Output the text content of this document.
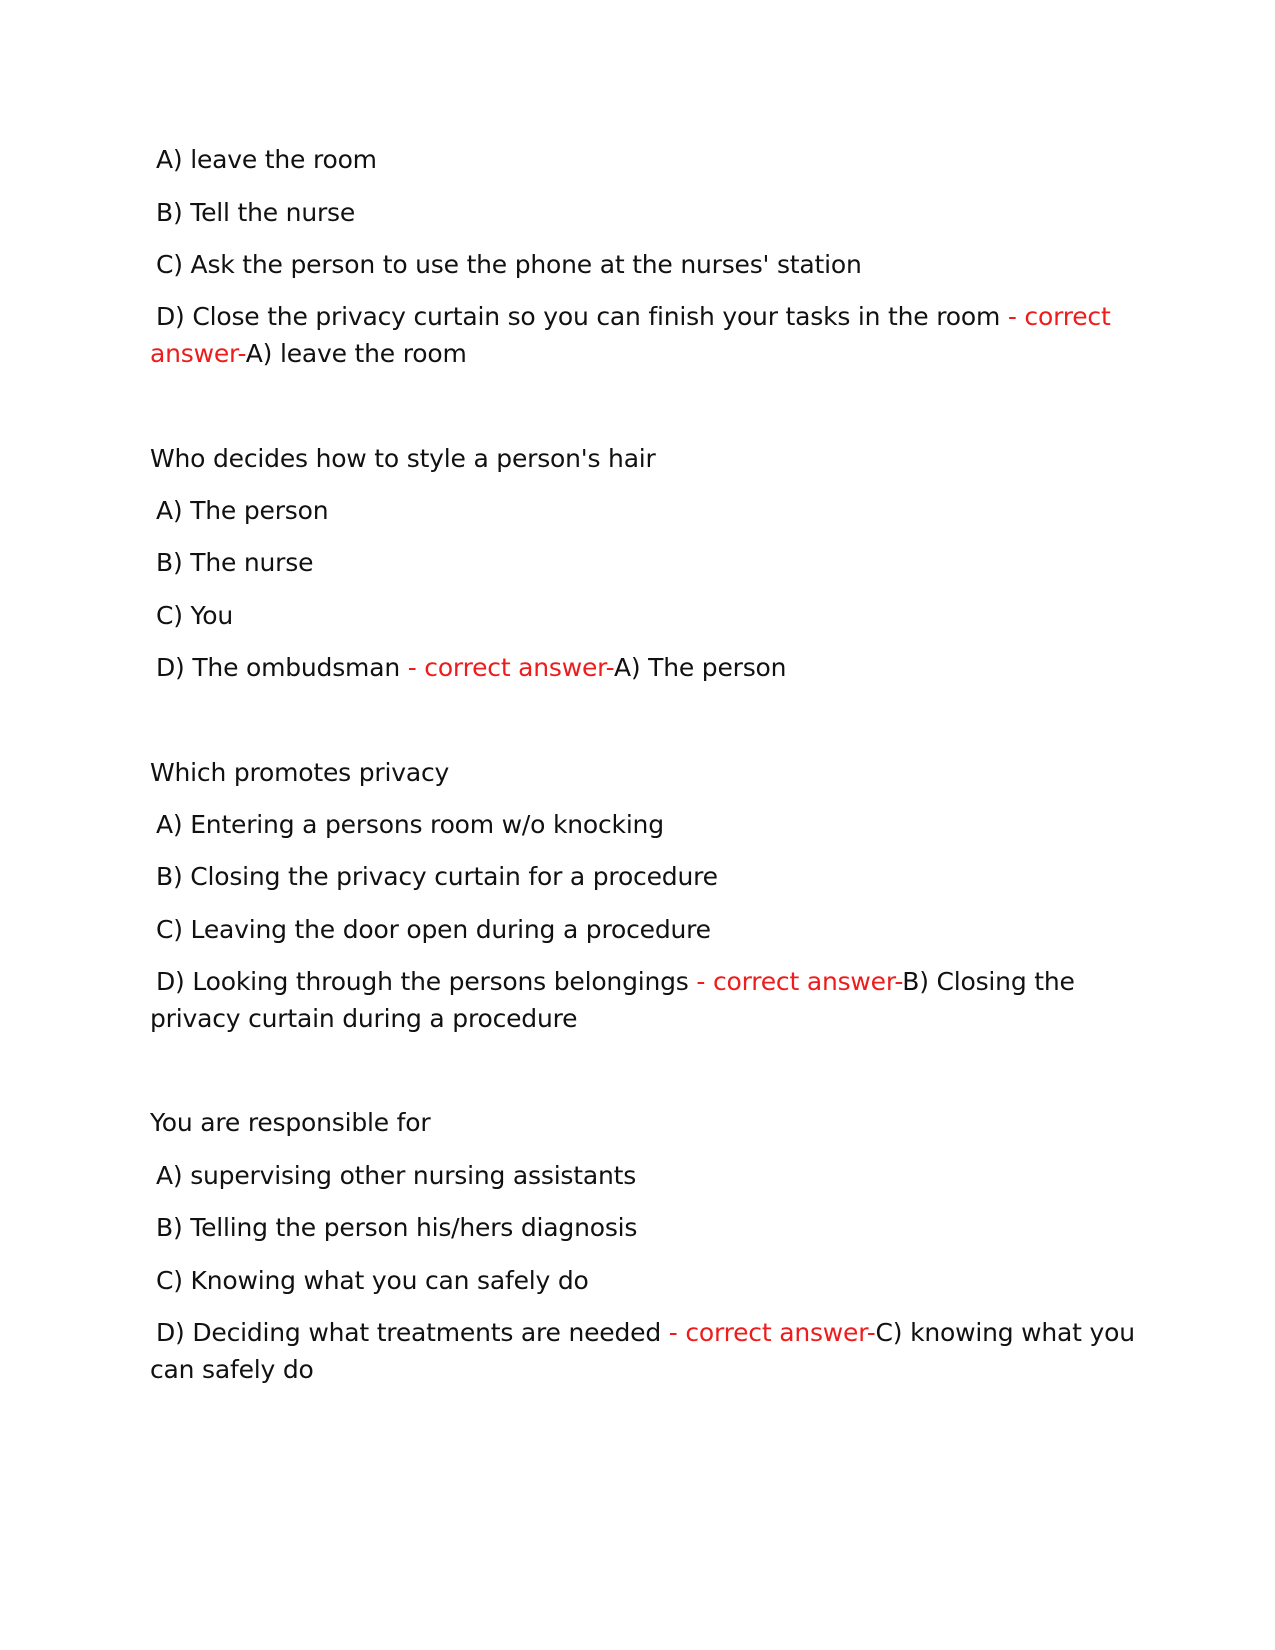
A) leave the room
B) Tell the nurse
C) Ask the person to use the phone at the nurses' station
D) Close the privacy curtain so you can finish your tasks in the room - correct
answer-A) leave the room
Who decides how to style a person's hair
A) The person
B) The nurse
C) You
D) The ombudsman - correct answer-A) The person
Which promotes privacy
A) Entering a persons room w/o knocking
B) Closing the privacy curtain for a procedure
C) Leaving the door open during a procedure
D) Looking through the persons belongings - correct answer-B) Closing the
privacy curtain during a procedure
You are responsible for
A) supervising other nursing assistants
B) Telling the person his/hers diagnosis
C) Knowing what you can safely do
D) Deciding what treatments are needed - correct answer-C) knowing what you
can safely do
